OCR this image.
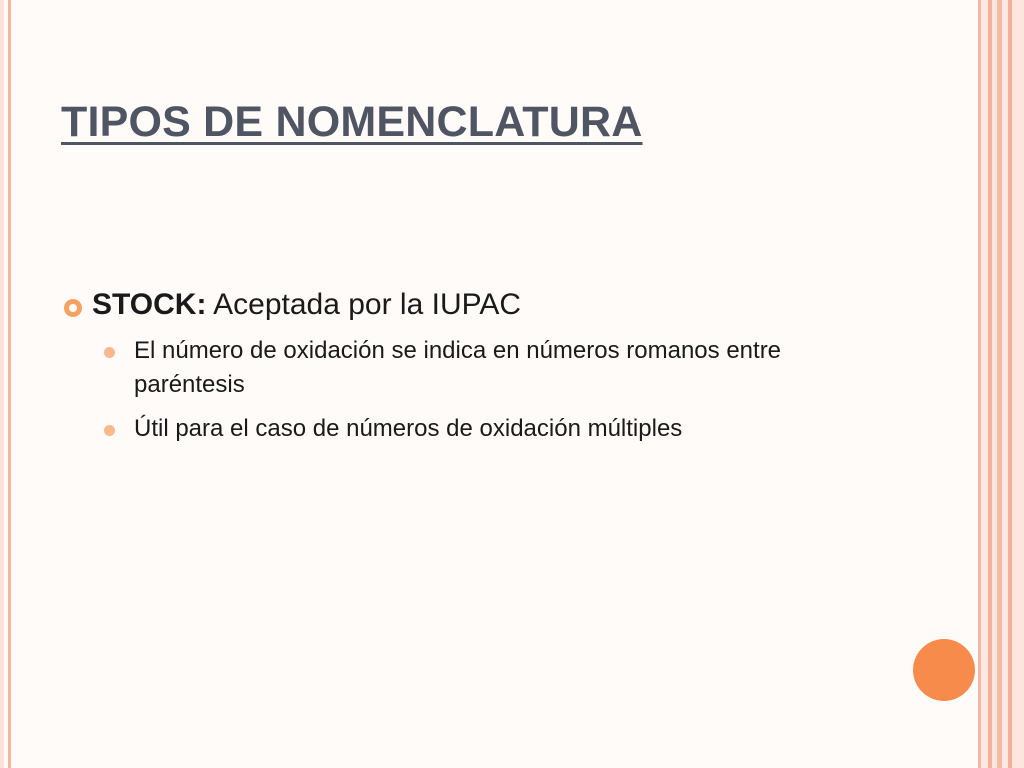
TIPOS DE NOMENCLATURA
STOCK: Aceptada por la IUPAC
El número de oxidación se indica en números romanos entre paréntesis
Útil para el caso de números de oxidación múltiples
